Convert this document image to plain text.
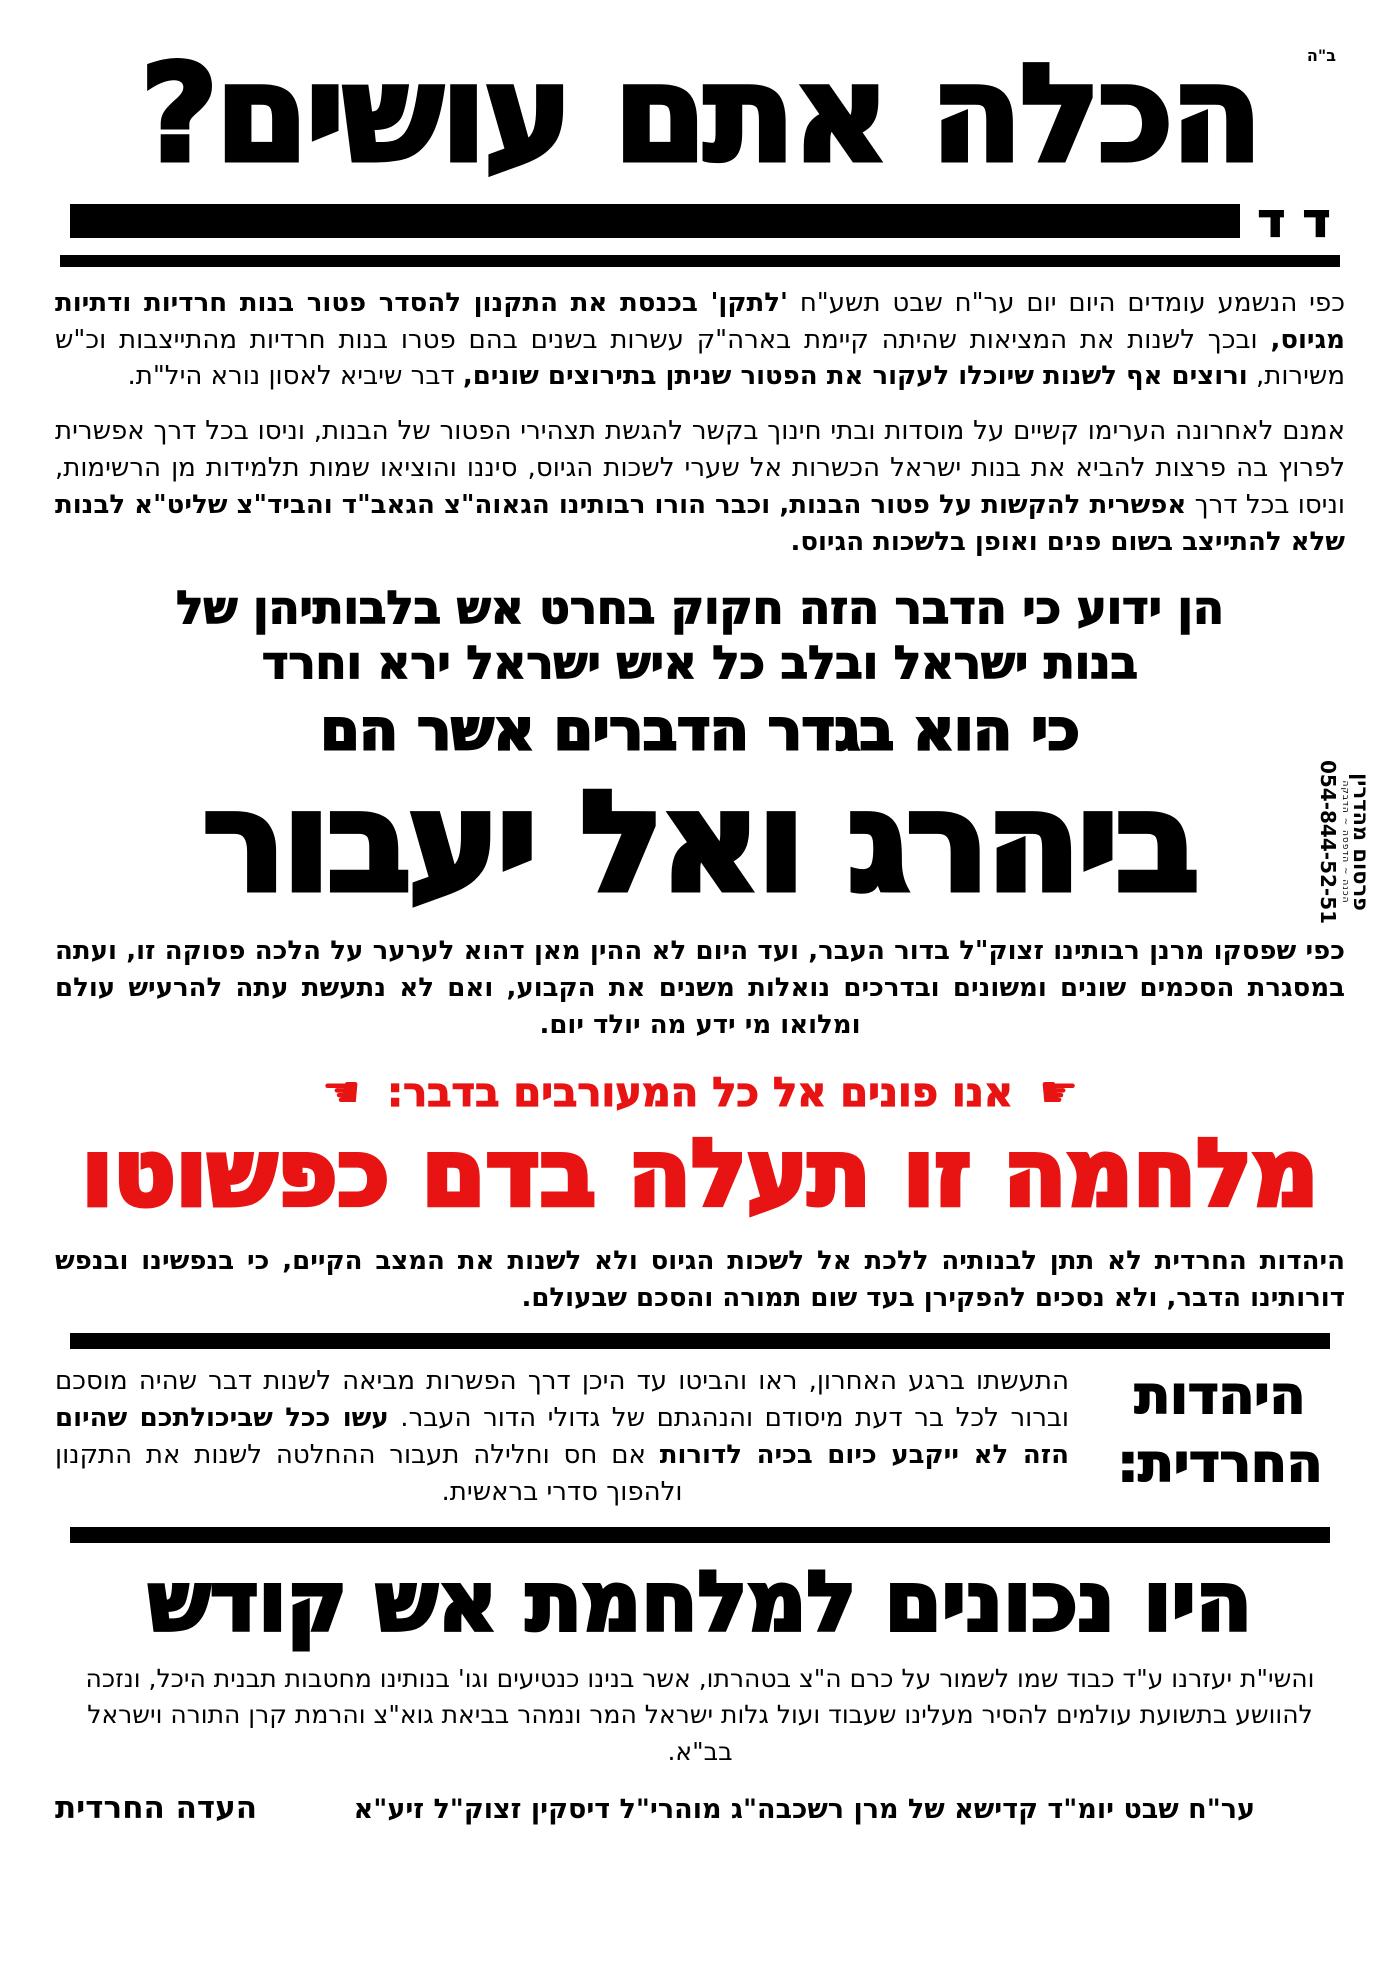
ב"ה
הכלה אתם עושים?
ד ד

כפי הנשמע עומדים היום יום ער"ח שבט תשע"ח 'לתקן' בכנסת את התקנון להסדר פטור בנות חרדיות ודתיות מגיוס, ובכך לשנות את המציאות שהיתה קיימת בארה"ק עשרות בשנים בהם פטרו בנות חרדיות מהתייצבות וכ"ש משירות, ורוצים אף לשנות שיוכלו לעקור את הפטור שניתן בתירוצים שונים, דבר שיביא לאסון נורא היל"ת.

אמנם לאחרונה הערימו קשיים על מוסדות ובתי חינוך בקשר להגשת תצהירי הפטור של הבנות, וניסו בכל דרך אפשרית לפרוץ בה פרצות להביא את בנות ישראל הכשרות אל שערי לשכות הגיוס, סיננו והוציאו שמות תלמידות מן הרשימות, וניסו בכל דרך אפשרית להקשות על פטור הבנות, וכבר הורו רבותינו הגאוה"צ הגאב"ד והביד"צ שליט"א לבנות שלא להתייצב בשום פנים ואופן בלשכות הגיוס.

הן ידוע כי הדבר הזה חקוק בחרט אש בלבותיהן של
בנות ישראל ובלב כל איש ישראל ירא וחרד
כי הוא בגדר הדברים אשר הם
ביהרג ואל יעבור

כפי שפסקו מרנן רבותינו זצוק"ל בדור העבר, ועד היום לא ההין מאן דהוא לערער על הלכה פסוקה זו, ועתה במסגרת הסכמים שונים ומשונים ובדרכים נואלות משנים את הקבוע, ואם לא נתעשת עתה להרעיש עולם ומלואו מי ידע מה יולד יום.

☛
אנו פונים אל כל המעורבים בדבר:
☚
מלחמה זו תעלה בדם כפשוטו

היהדות החרדית לא תתן לבנותיה ללכת אל לשכות הגיוס ולא לשנות את המצב הקיים, כי בנפשינו ובנפש דורותינו הדבר, ולא נסכים להפקירן בעד שום תמורה והסכם שבעולם.

היהדות
החרדית:

התעשתו ברגע האחרון, ראו והביטו עד היכן דרך הפשרות מביאה לשנות דבר שהיה מוסכם וברור לכל בר דעת מיסודם והנהגתם של גדולי הדור העבר. עשו ככל שביכולתכם שהיום הזה לא ייקבע כיום בכיה לדורות אם חס וחלילה תעבור ההחלטה לשנות את התקנון ולהפוך סדרי בראשית.

היו נכונים למלחמת אש קודש

והשי"ת יעזרנו ע"ד כבוד שמו לשמור על כרם ה"צ בטהרתו, אשר בנינו כנטיעים וגו' בנותינו מחטבות תבנית היכל, ונזכה להוושע בתשועת עולמים להסיר מעלינו שעבוד ועול גלות ישראל המר ונמהר בביאת גוא"צ והרמת קרן התורה וישראל בב"א.

העדה החרדית	ער"ח שבט יומ"ד קדישא של מרן רשכבה"ג מוהרי"ל דיסקין זצוק"ל זיע"א
פרסום מהדרין
הכנה ~ הדפסה ~ הדבקה
054-844-52-51
